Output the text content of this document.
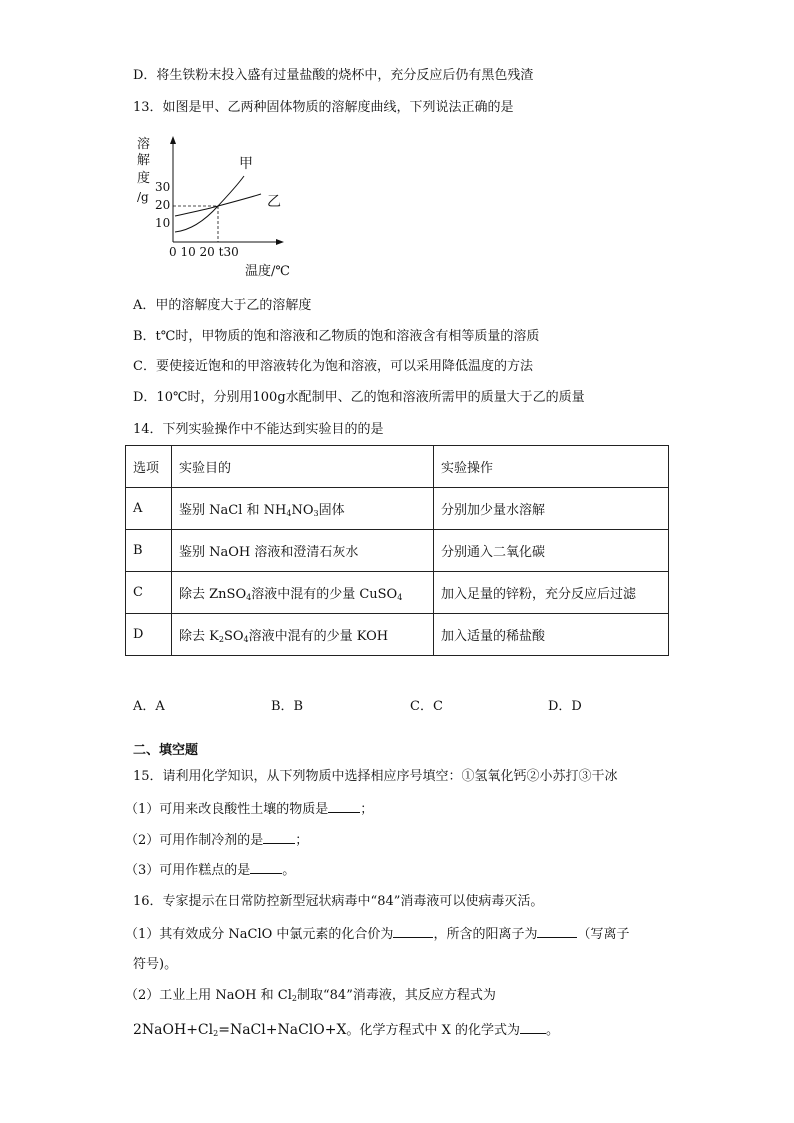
D．将生铁粉末投入盛有过量盐酸的烧杯中，充分反应后仍有黑色残渣
13．如图是甲、乙两种固体物质的溶解度曲线，下列说法正确的是
溶
解
度
/g
30
20
10
甲
乙
0 10 20 t30
温度/℃
A．甲的溶解度大于乙的溶解度
B．t℃时，甲物质的饱和溶液和乙物质的饱和溶液含有相等质量的溶质
C．要使接近饱和的甲溶液转化为饱和溶液，可以采用降低温度的方法
D．10℃时，分别用100g水配制甲、乙的饱和溶液所需甲的质量大于乙的质量
14．下列实验操作中不能达到实验目的的是
选项	实验目的	实验操作
A	鉴别 NaCl 和 $NH_4NO_3$固体	分别加少量水溶解
B	鉴别 NaOH 溶液和澄清石灰水	分别通入二氧化碳
C	除去 ZnSO$_4$溶液中混有的少量 CuSO$_4$	加入足量的锌粉，充分反应后过滤
D	除去 $K_2SO_4$溶液中混有的少量 KOH	加入适量的稀盐酸
A．A	B．B	C．C	D．D
二、填空题
15．请利用化学知识，从下列物质中选择相应序号填空：①氢氧化钙②小苏打③干冰
（1）可用来改良酸性土壤的物质是 ；
（2）可用作制冷剂的是 ；
（3）可用作糕点的是 。
16．专家提示在日常防控新型冠状病毒中“84”消毒液可以使病毒灭活。
（1）其有效成分 NaClO 中氯元素的化合价为	，所含的阳离子为	（写离子
符号)。
（2）工业上用 NaOH 和 $Cl_2$制取“84”消毒液，其反应方程式为
$2NaOH+Cl_2=NaCl+NaClO+X$。化学方程式中 X 的化学式为 。
